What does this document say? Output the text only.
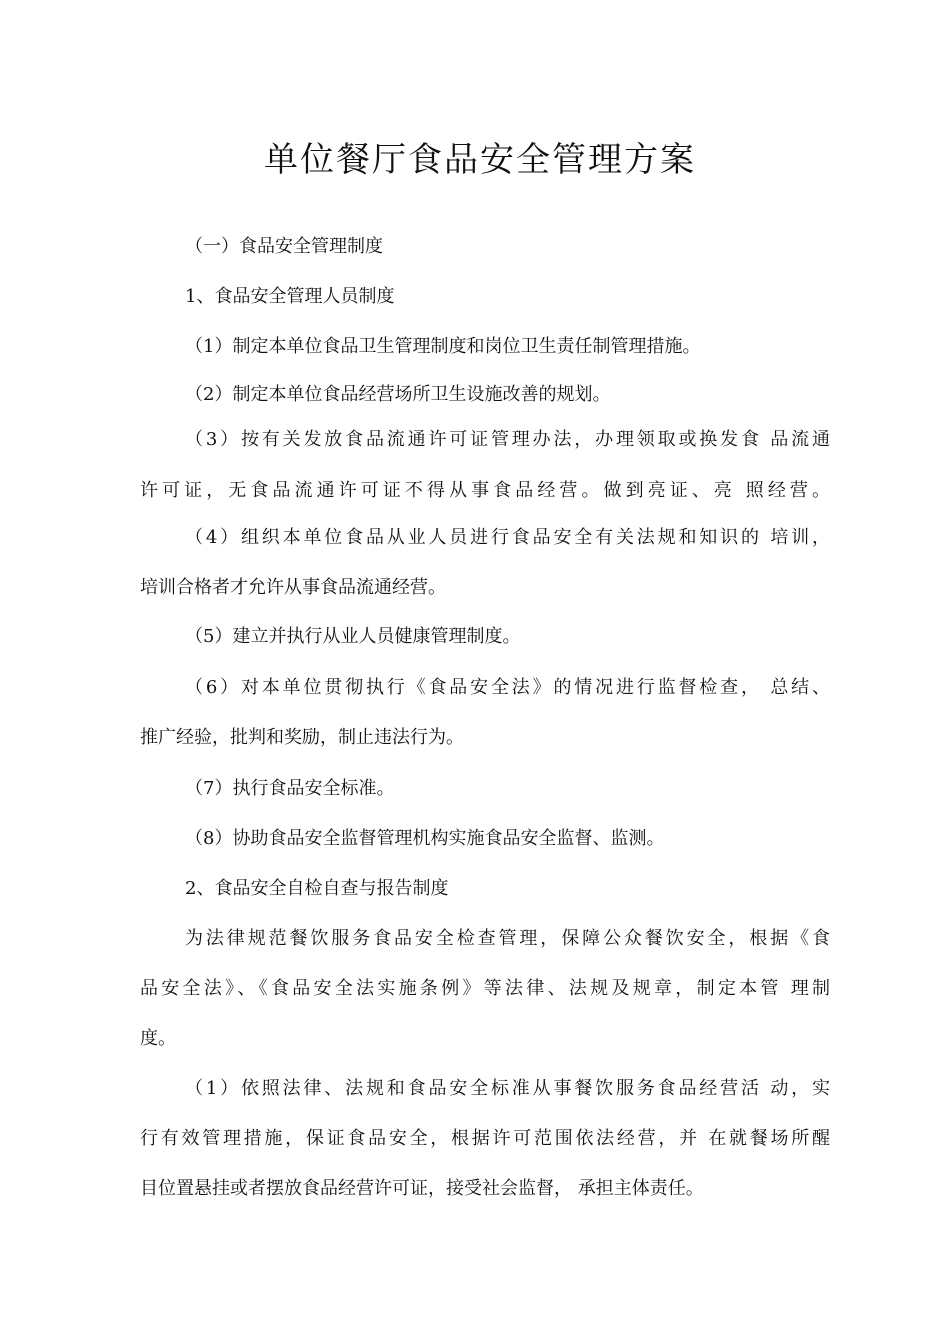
单位餐厅食品安全管理方案

（一）食品安全管理制度

1、食品安全管理人员制度

（1）制定本单位食品卫生管理制度和岗位卫生责任制管理措施。

（2）制定本单位食品经营场所卫生设施改善的规划。

（3）按有关发放食品流通许可证管理办法，办理领取或换发食 品流通

许可证，无食品流通许可证不得从事食品经营。做到亮证、亮 照经营。

（4）组织本单位食品从业人员进行食品安全有关法规和知识的 培训，

培训合格者才允许从事食品流通经营。

（5）建立并执行从业人员健康管理制度。

（6）对本单位贯彻执行《食品安全法》的情况进行监督检查， 总结、

推广经验，批判和奖励，制止违法行为。

（7）执行食品安全标准。

（8）协助食品安全监督管理机构实施食品安全监督、监测。

2、食品安全自检自查与报告制度

为法律规范餐饮服务食品安全检查管理，保障公众餐饮安全，根据《食

品安全法》、《食品安全法实施条例》等法律、法规及规章，制定本管 理制

度。

（1）依照法律、法规和食品安全标准从事餐饮服务食品经营活 动，实

行有效管理措施，保证食品安全，根据许可范围依法经营，并 在就餐场所醒

目位置悬挂或者摆放食品经营许可证，接受社会监督， 承担主体责任。
